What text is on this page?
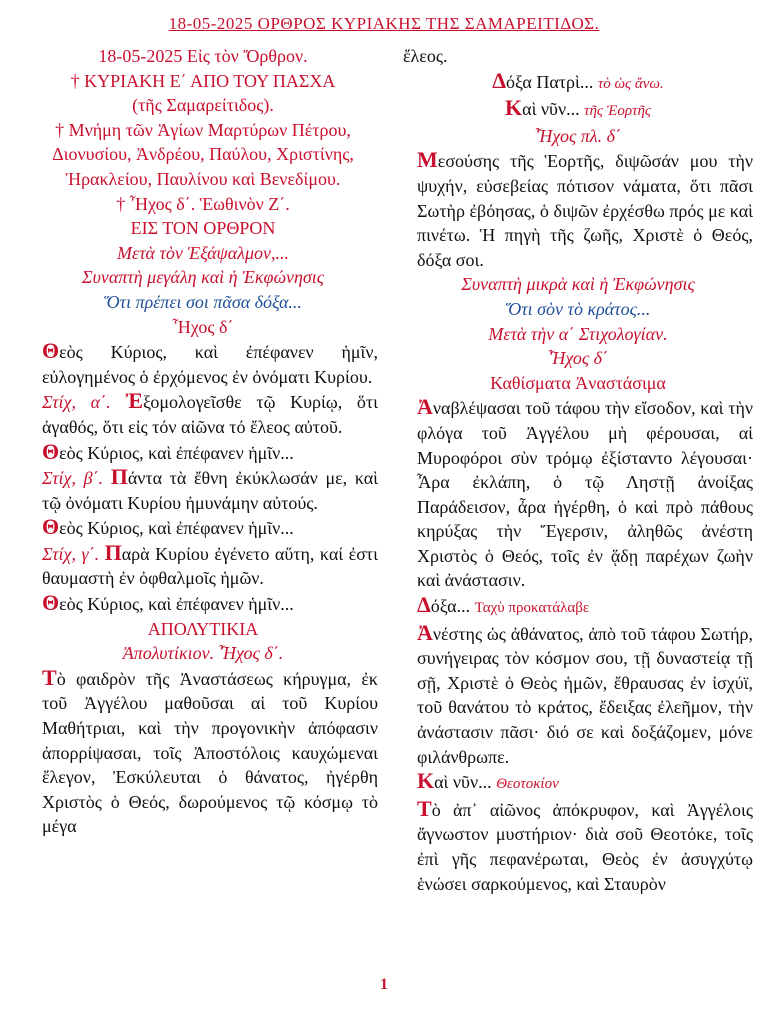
18-05-2025 ΟΡΘΡΟΣ ΚΥΡΙΑΚΗΣ ΤΗΣ ΣΑΜΑΡΕΙΤΙΔΟΣ.
18-05-2025 Εἰς τὸν Ὄρθρον.
† ΚΥΡΙΑΚΗ Ε΄ ΑΠΟ ΤΟΥ ΠΑΣΧΑ
(τῆς Σαμαρείτιδος).
† Μνήμη τῶν Ἁγίων Μαρτύρων Πέτρου,
Διονυσίου, Ἀνδρέου, Παύλου, Χριστίνης,
Ἡρακλείου, Παυλίνου καὶ Βενεδίμου.
† Ἦχος δ΄. Ἑωθινὸν Ζ΄.
ΕΙΣ ΤΟΝ ΟΡΘΡΟΝ
Μετὰ τὸν Ἑξάψαλμον,...
Συναπτὴ μεγάλη καὶ ἡ Ἐκφώνησις
Ὅτι πρέπει σοι πᾶσα δόξα...
Ἦχος δ΄

Θεὸς Κύριος, καὶ ἐπέφανεν ἡμῖν, εὐλογημένος ὁ ἐρχόμενος ἐν ὀνόματι Κυρίου.

Στίχ, α΄. Ἐξομολογεῖσθε τῷ Κυρίῳ, ὅτι ἀγαθός, ὅτι εἰς τόν αἰῶνα τό ἔλεος αὐτοῦ.

Θεὸς Κύριος, καὶ ἐπέφανεν ἡμῖν...

Στίχ, β΄. Πάντα τὰ ἔθνη ἐκύκλωσάν με, καὶ τῷ ὀνόματι Κυρίου ἠμυνάμην αὐτούς.

Θεὸς Κύριος, καὶ ἐπέφανεν ἡμῖν...

Στίχ, γ΄. Παρὰ Κυρίου ἐγένετο αὕτη, καί ἐστι θαυμαστὴ ἐν ὀφθαλμοῖς ἡμῶν.

Θεὸς Κύριος, καὶ ἐπέφανεν ἡμῖν...

ΑΠΟΛΥΤΙΚΙΑ
Ἀπολυτίκιον. Ἦχος δ΄.

Τὸ φαιδρὸν τῆς Ἀναστάσεως κήρυγμα, ἐκ τοῦ Ἀγγέλου μαθοῦσαι αἱ τοῦ Κυρίου Μαθήτριαι, καὶ τὴν προγονικὴν ἀπόφασιν ἀπορρίψασαι, τοῖς Ἀποστόλοις καυχώμεναι ἔλεγον, Ἐσκύλευται ὁ θάνατος, ἠγέρθη Χριστὸς ὁ Θεός, δωρούμενος τῷ κόσμῳ τὸ μέγα

ἔλεος.

Δόξα Πατρὶ... τὸ ὡς ἄνω.
Καὶ νῦν... τῆς Ἑορτῆς
Ἦχος πλ. δ΄

Μεσούσης τῆς Ἑορτῆς, διψῶσάν μου τὴν ψυχήν, εὐσεβείας πότισον νάματα, ὅτι πᾶσι Σωτὴρ ἐβόησας, ὁ διψῶν ἐρχέσθω πρός με καὶ πινέτω. Ἡ πηγὴ τῆς ζωῆς, Χριστὲ ὁ Θεός, δόξα σοι.

Συναπτὴ μικρὰ καὶ ἡ Ἐκφώνησις
Ὅτι σὸν τὸ κράτος...
Μετὰ τὴν α΄ Στιχολογίαν.
Ἦχος δ΄
Καθίσματα Ἀναστάσιμα

Ἀναβλέψασαι τοῦ τάφου τὴν εἴσοδον, καὶ τὴν φλόγα τοῦ Ἀγγέλου μὴ φέρουσαι, αἱ Μυροφόροι σὺν τρόμῳ ἐξίσταντο λέγουσαι· Ἆρα ἐκλάπη, ὁ τῷ Ληστῇ ἀνοίξας Παράδεισον, ἆρα ἠγέρθη, ὁ καὶ πρὸ πάθους κηρύξας τὴν Ἔγερσιν, ἀληθῶς ἀνέστη Χριστὸς ὁ Θεός, τοῖς ἐν ᾅδῃ παρέχων ζωὴν καὶ ἀνάστασιν.

Δόξα... Ταχὺ προκατάλαβε

Ἀνέστης ὡς ἀθάνατος, ἀπὸ τοῦ τάφου Σωτήρ, συνήγειρας τὸν κόσμον σου, τῇ δυναστείᾳ τῇ σῇ, Χριστὲ ὁ Θεὸς ἡμῶν, ἔθραυσας ἐν ἰσχύϊ, τοῦ θανάτου τὸ κράτος, ἔδειξας ἐλεῆμον, τὴν ἀνάστασιν πᾶσι· διό σε καὶ δοξάζομεν, μόνε φιλάνθρωπε.

Καὶ νῦν... Θεοτοκίον

Τὸ ἀπ᾽ αἰῶνος ἀπόκρυφον, καὶ Ἀγγέλοις ἄγνωστον μυστήριον· διὰ σοῦ Θεοτόκε, τοῖς ἐπὶ γῆς πεφανέρωται, Θεὸς ἐν ἀσυγχύτῳ ἑνώσει σαρκούμενος, καὶ Σταυρὸν

1
